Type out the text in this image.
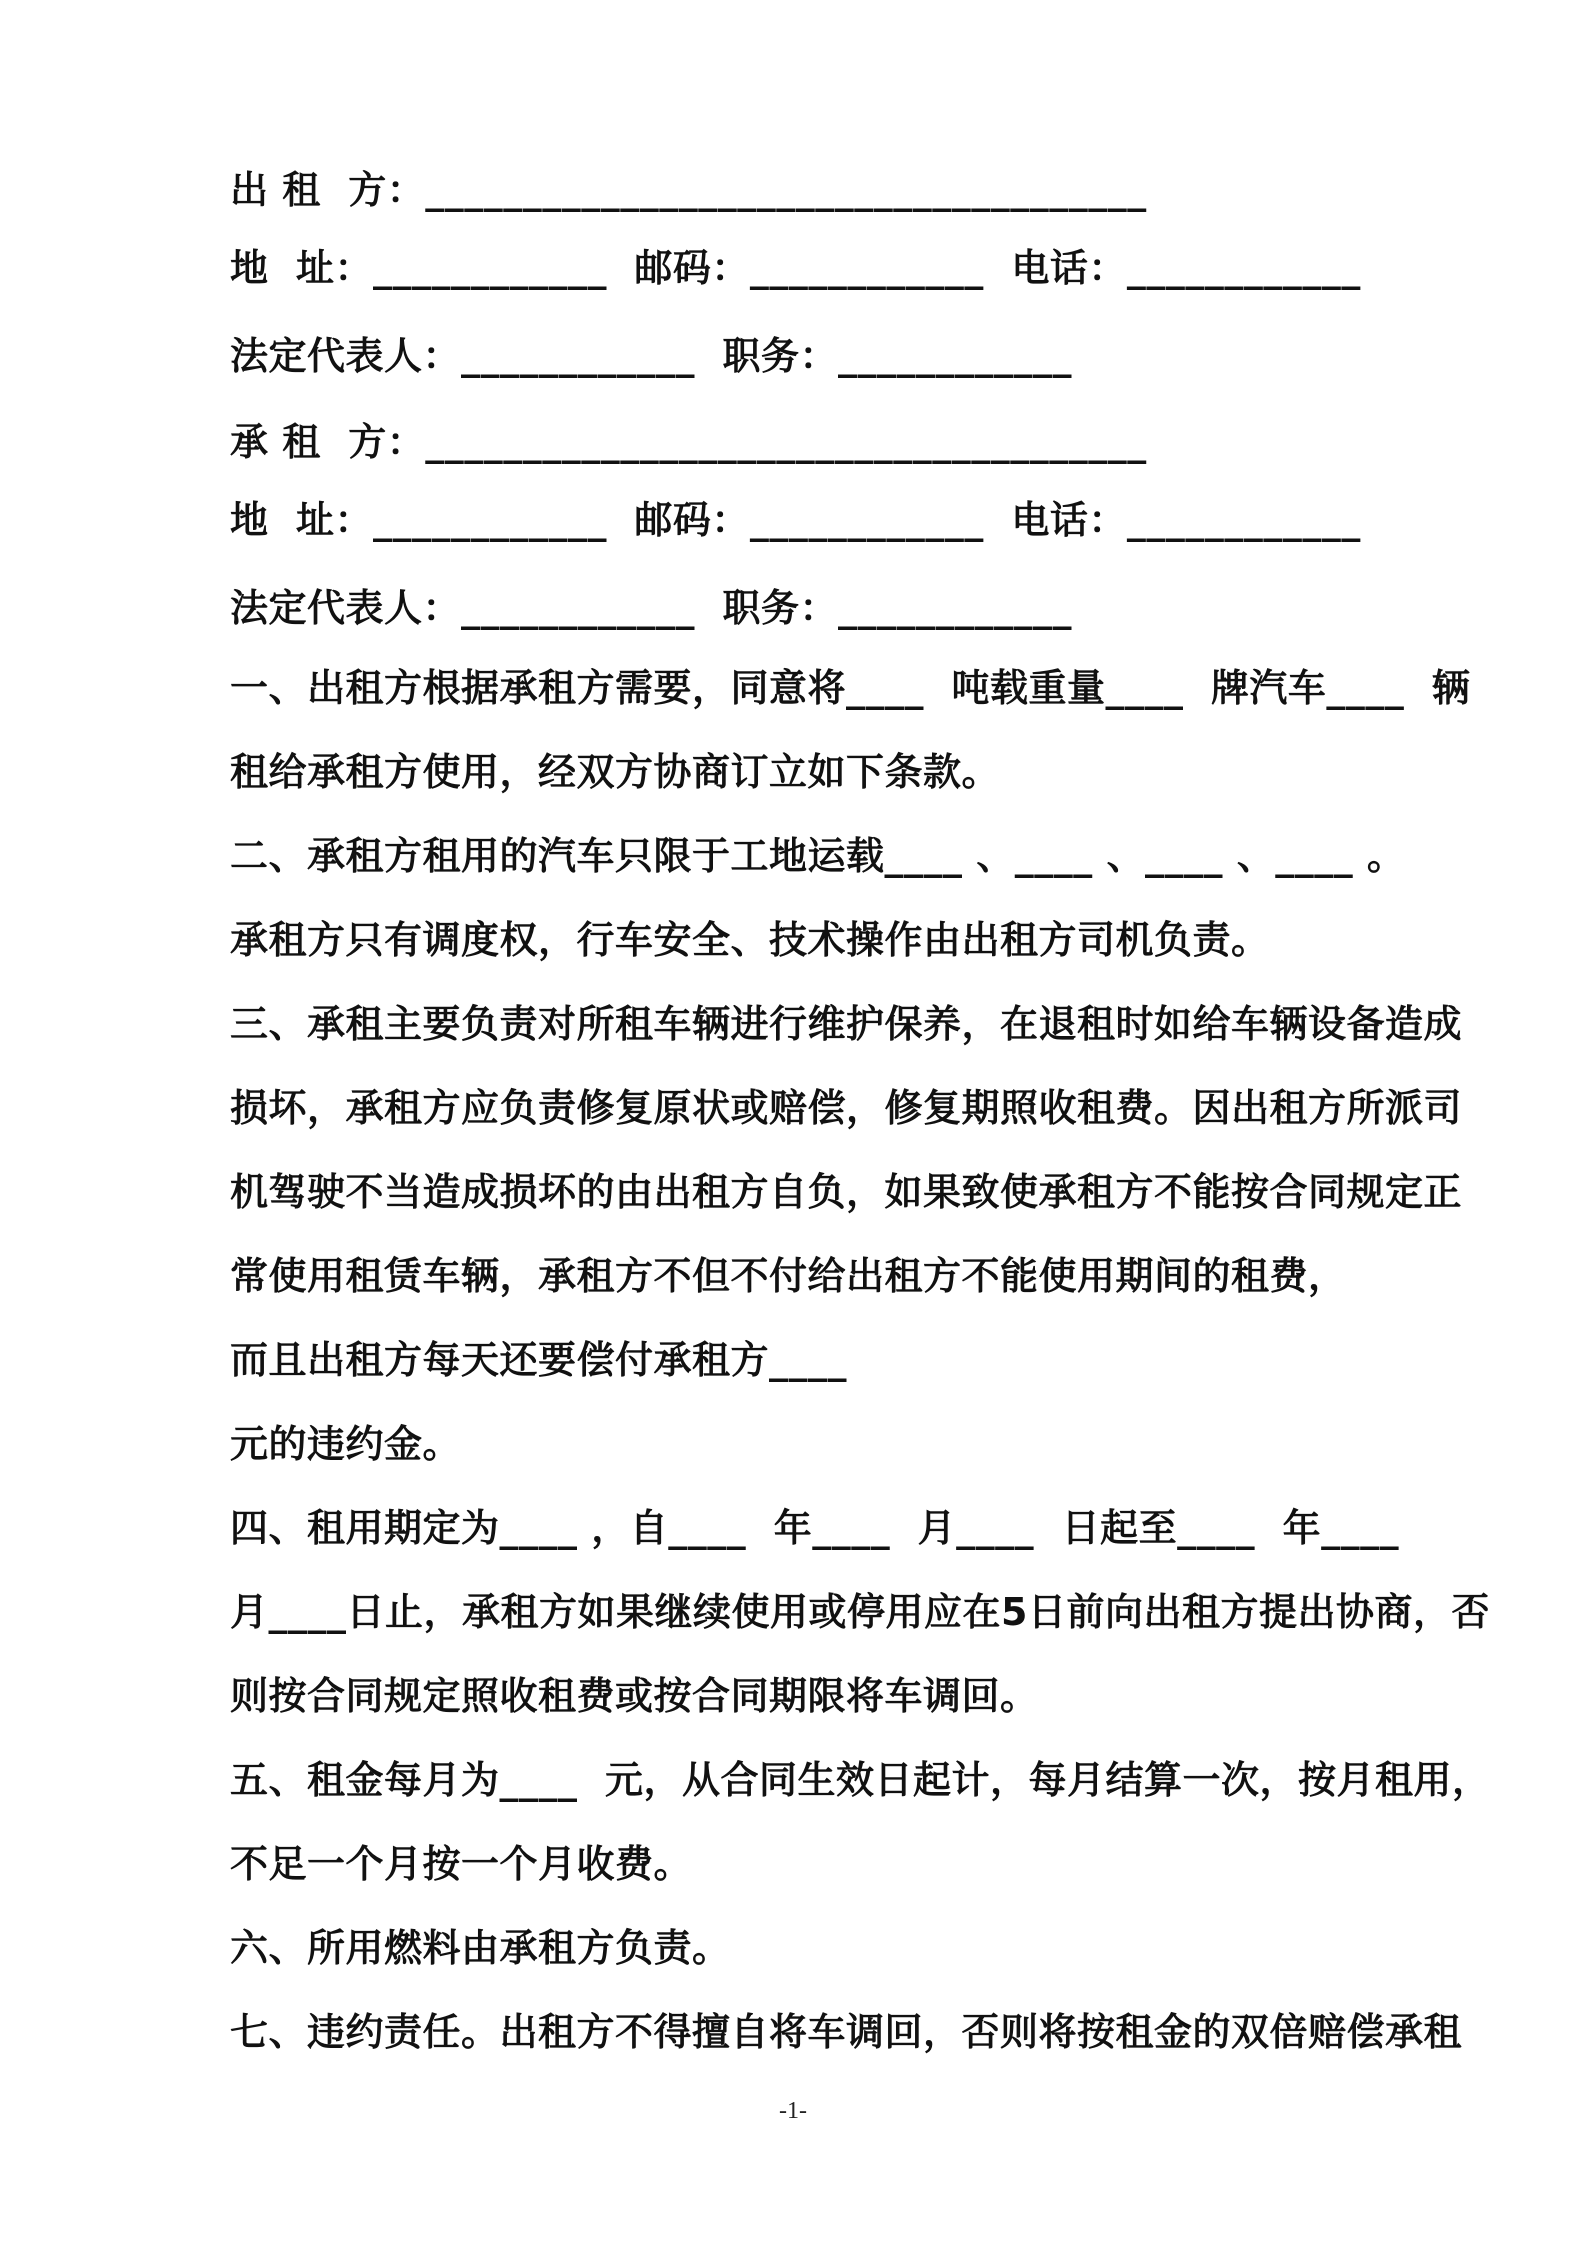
出 租  方：_____________________________________
地  址：____________  邮码：____________  电话：____________
法定代表人：____________  职务：____________
承 租  方：_____________________________________
地  址：____________  邮码：____________  电话：____________
法定代表人：____________  职务：____________
一、出租方根据承租方需要，同意将____  吨载重量____  牌汽车____  辆
租给承租方使用，经双方协商订立如下条款。
二、承租方租用的汽车只限于工地运载____ 、____ 、____ 、____ 。
承租方只有调度权，行车安全、技术操作由出租方司机负责。
三、承租主要负责对所租车辆进行维护保养，在退租时如给车辆设备造成
损坏，承租方应负责修复原状或赔偿，修复期照收租费。因出租方所派司
机驾驶不当造成损坏的由出租方自负，如果致使承租方不能按合同规定正
常使用租赁车辆，承租方不但不付给出租方不能使用期间的租费，
而且出租方每天还要偿付承租方____
元的违约金。
四、租用期定为____ ，自____  年____  月____  日起至____  年____
月____日止，承租方如果继续使用或停用应在5日前向出租方提出协商，否
则按合同规定照收租费或按合同期限将车调回。
五、租金每月为____  元，从合同生效日起计，每月结算一次，按月租用，
不足一个月按一个月收费。
六、所用燃料由承租方负责。
七、违约责任。出租方不得擅自将车调回，否则将按租金的双倍赔偿承租
-1-
